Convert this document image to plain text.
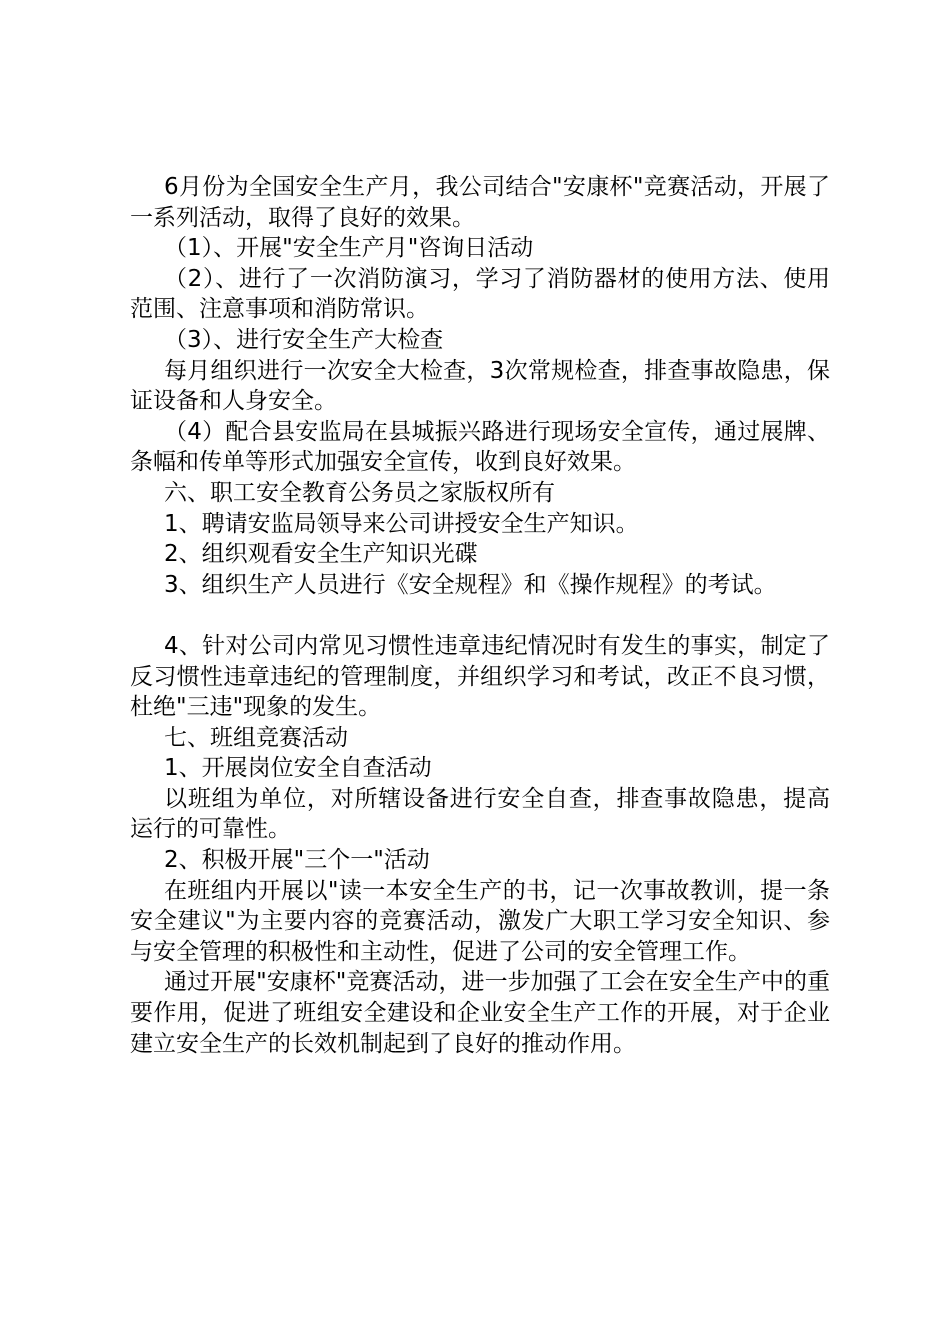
6月份为全国安全生产月，我公司结合"安康杯"竞赛活动，开展了一系列活动，取得了良好的效果。

（1）、开展"安全生产月"咨询日活动

（2）、进行了一次消防演习，学习了消防器材的使用方法、使用范围、注意事项和消防常识。

（3）、进行安全生产大检查

每月组织进行一次安全大检查，3次常规检查，排查事故隐患，保证设备和人身安全。

（4）配合县安监局在县城振兴路进行现场安全宣传，通过展牌、条幅和传单等形式加强安全宣传，收到良好效果。

六、职工安全教育公务员之家版权所有

1、聘请安监局领导来公司讲授安全生产知识。

2、组织观看安全生产知识光碟

3、组织生产人员进行《安全规程》和《操作规程》的考试。

4、针对公司内常见习惯性违章违纪情况时有发生的事实，制定了反习惯性违章违纪的管理制度，并组织学习和考试，改正不良习惯，杜绝"三违"现象的发生。

七、班组竞赛活动

1、开展岗位安全自查活动

以班组为单位，对所辖设备进行安全自查，排查事故隐患，提高运行的可靠性。

2、积极开展"三个一"活动

在班组内开展以"读一本安全生产的书，记一次事故教训，提一条安全建议"为主要内容的竞赛活动，激发广大职工学习安全知识、参与安全管理的积极性和主动性，促进了公司的安全管理工作。

通过开展"安康杯"竞赛活动，进一步加强了工会在安全生产中的重要作用，促进了班组安全建设和企业安全生产工作的开展，对于企业建立安全生产的长效机制起到了良好的推动作用。
